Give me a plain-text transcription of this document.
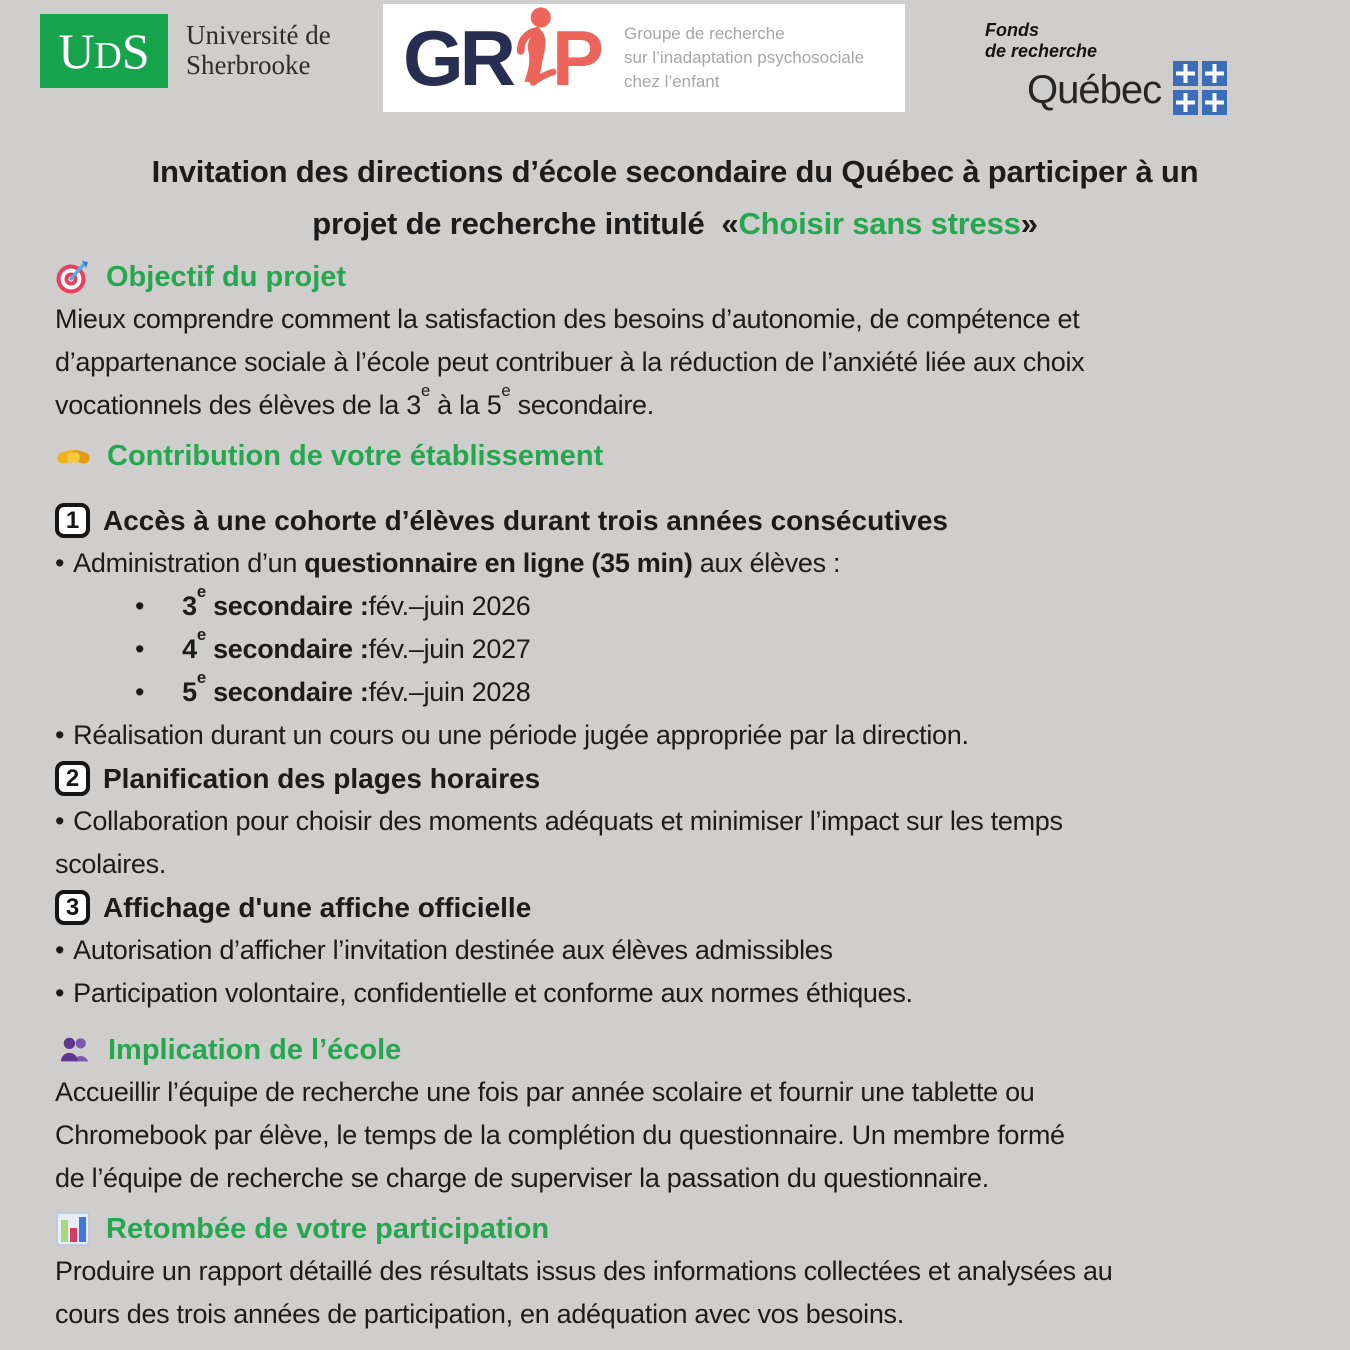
U D S Université de
Sherbrooke GR P Groupe de recherche
sur l’inadaptation psychosociale
chez l’enfant
Fonds
de recherche
Québec
Invitation des directions d’école secondaire du Québec à participer à un
projet de recherche intitulé  «Choisir sans stress»
Objectif du projet
Mieux comprendre comment la satisfaction des besoins d’autonomie, de compétence et
d’appartenance sociale à l’école peut contribuer à la réduction de l’anxiété liée aux choix
vocationnels des élèves de la 3e à la 5e secondaire.
Contribution de votre établissement
1 Accès à une cohorte d’élèves durant trois années consécutives
• Administration d’un questionnaire en ligne (35 min) aux élèves :
• 3e secondaire : fév.–juin 2026
• 4e secondaire : fév.–juin 2027
• 5e secondaire : fév.–juin 2028
• Réalisation durant un cours ou une période jugée appropriée par la direction.
2 Planification des plages horaires
• Collaboration pour choisir des moments adéquats et minimiser l’impact sur les temps
scolaires.
3 Affichage d'une affiche officielle
• Autorisation d’afficher l’invitation destinée aux élèves admissibles
• Participation volontaire, confidentielle et conforme aux normes éthiques.
Implication de l’école
Accueillir l’équipe de recherche une fois par année scolaire et fournir une tablette ou
Chromebook par élève, le temps de la complétion du questionnaire. Un membre formé
de l’équipe de recherche se charge de superviser la passation du questionnaire.
Retombée de votre participation
Produire un rapport détaillé des résultats issus des informations collectées et analysées au
cours des trois années de participation, en adéquation avec vos besoins.
